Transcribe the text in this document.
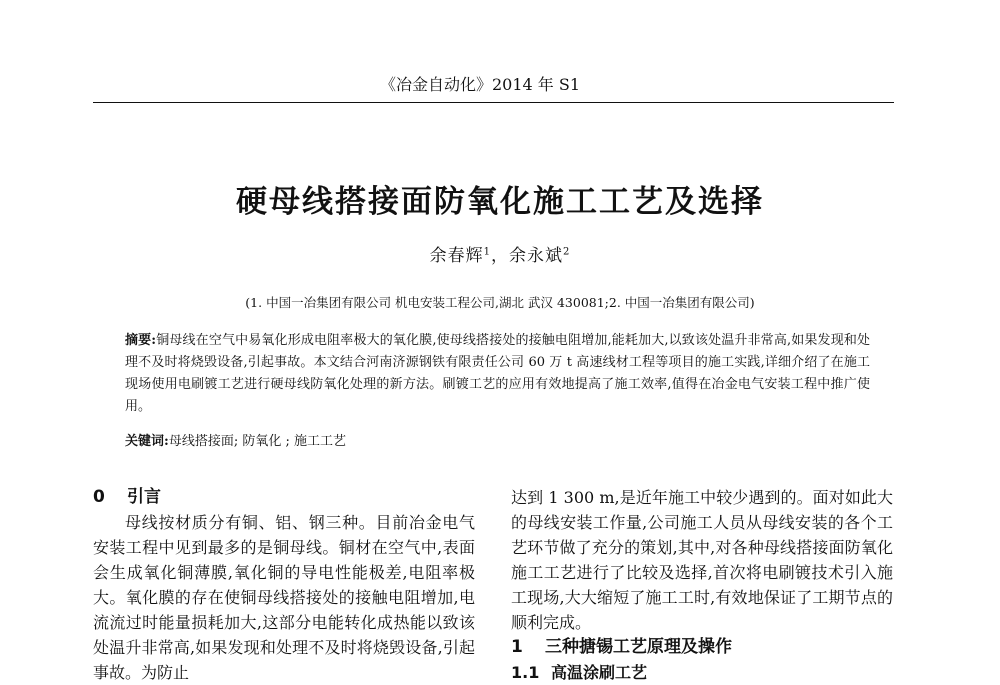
《冶金自动化》2014 年 S1
硬母线搭接面防氧化施工工艺及选择
余春辉$^1$，余永斌$^2$
(1. 中国一冶集团有限公司 机电安装工程公司,湖北 武汉 430081;2. 中国一冶集团有限公司)
摘要:铜母线在空气中易氧化形成电阻率极大的氧化膜,使母线搭接处的接触电阻增加,能耗加大,以致该处温升非常高,如果发现和处理不及时将烧毁设备,引起事故。本文结合河南济源钢铁有限责任公司 60 万 t 高速线材工程等项目的施工实践,详细介绍了在施工现场使用电刷镀工艺进行硬母线防氧化处理的新方法。刷镀工艺的应用有效地提高了施工效率,值得在冶金电气安装工程中推广使用。
关键词:母线搭接面; 防氧化 ; 施工工艺

0 引言

母线按材质分有铜、铝、钢三种。目前冶金电气安装工程中见到最多的是铜母线。铜材在空气中,表面会生成氧化铜薄膜,氧化铜的导电性能极差,电阻率极大。氧化膜的存在使铜母线搭接处的接触电阻增加,电流流过时能量损耗加大,这部分电能转化成热能以致该处温升非常高,如果发现和处理不及时将烧毁设备,引起事故。为防止

达到 1 300 m,是近年施工中较少遇到的。面对如此大的母线安装工作量,公司施工人员从母线安装的各个工艺环节做了充分的策划,其中,对各种母线搭接面防氧化施工工艺进行了比较及选择,首次将电刷镀技术引入施工现场,大大缩短了施工工时,有效地保证了工期节点的顺利完成。

1 三种搪锡工艺原理及操作

1.1 高温涂刷工艺
